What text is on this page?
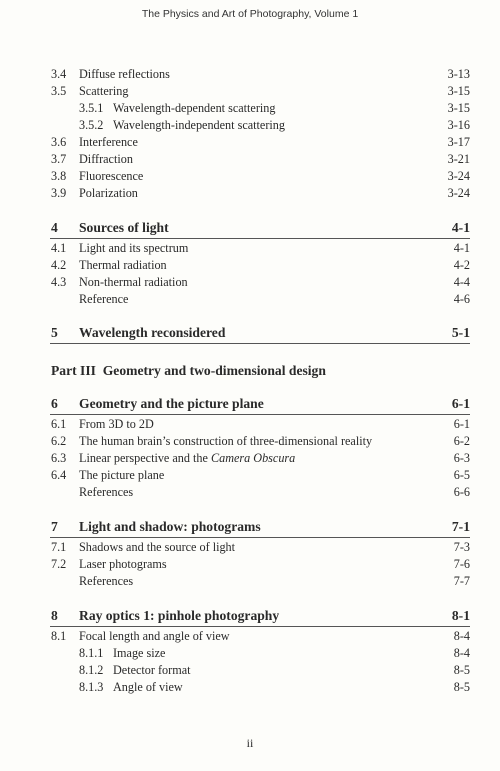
The Physics and Art of Photography, Volume 1
3.4 Diffuse reflections	3-13
3.5 Scattering	3-15
3.5.1 Wavelength-dependent scattering	3-15
3.5.2 Wavelength-independent scattering	3-16
3.6 Interference	3-17
3.7 Diffraction	3-21
3.8 Fluorescence	3-24
3.9 Polarization	3-24
4 Sources of light	4-1
4.1 Light and its spectrum	4-1
4.2 Thermal radiation	4-2
4.3 Non-thermal radiation	4-4
Reference	4-6
5 Wavelength reconsidered	5-1
Part III Geometry and two-dimensional design
6 Geometry and the picture plane	6-1
6.1 From 3D to 2D	6-1
6.2 The human brain’s construction of three-dimensional reality	6-2
6.3 Linear perspective and the Camera Obscura	6-3
6.4 The picture plane	6-5
References	6-6
7 Light and shadow: photograms	7-1
7.1 Shadows and the source of light	7-3
7.2 Laser photograms	7-6
References	7-7
8 Ray optics 1: pinhole photography	8-1
8.1 Focal length and angle of view	8-4
8.1.1 Image size	8-4
8.1.2 Detector format	8-5
8.1.3 Angle of view	8-5
ii
